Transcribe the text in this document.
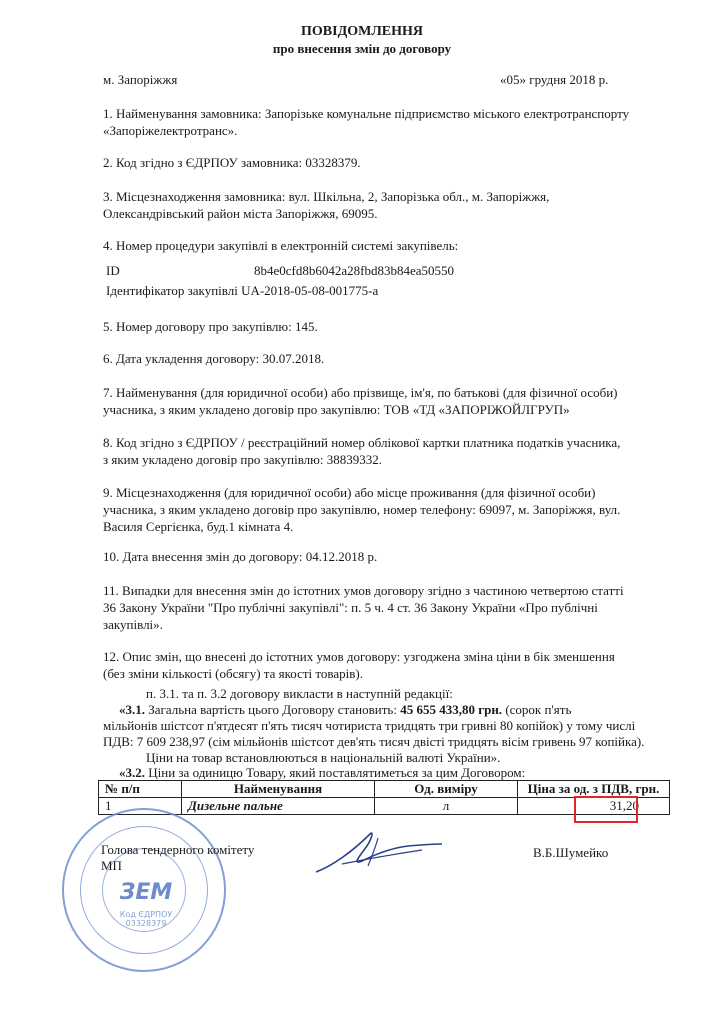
ПОВІДОМЛЕННЯ
про внесення змін до договору
м. Запоріжжя	«05» грудня 2018 р.
1. Найменування замовника: Запорізьке комунальне підприємство міського електротранспорту
«Запоріжелектротранс».
2. Код згідно з ЄДРПОУ замовника: 03328379.
3. Місцезнаходження замовника: вул. Шкільна, 2, Запорізька обл., м. Запоріжжя,
Олександрівський район міста Запоріжжя, 69095.
4. Номер процедури закупівлі в електронній системі закупівель:
ID	8b4e0cfd8b6042a28fbd83b84ea50550
Ідентифікатор закупівлі UA-2018-05-08-001775-a
5. Номер договору про закупівлю: 145.
6. Дата укладення договору: 30.07.2018.
7. Найменування (для юридичної особи) або прізвище, ім'я, по батькові (для фізичної особи)
учасника, з яким укладено договір про закупівлю: ТОВ «ТД «ЗАПОРІЖОЙЛГРУП»
8. Код згідно з ЄДРПОУ / реєстраційний номер облікової картки платника податків учасника,
з яким укладено договір про закупівлю: 38839332.
9. Місцезнаходження (для юридичної особи) або місце проживання (для фізичної особи)
учасника, з яким укладено договір про закупівлю, номер телефону: 69097, м. Запоріжжя, вул.
Василя Сергієнка, буд.1 кімната 4.
10. Дата внесення змін до договору: 04.12.2018 р.
11. Випадки для внесення змін до істотних умов договору згідно з частиною четвертою статті
36 Закону України "Про публічні закупівлі": п. 5 ч. 4 ст. 36 Закону України «Про публічні
закупівлі».
12. Опис змін, що внесені до істотних умов договору: узгоджена зміна ціни в бік зменшення
(без зміни кількості (обсягу) та якості товарів).
п. 3.1. та п. 3.2 договору викласти в наступній редакції:
«3.1. Загальна вартість цього Договору становить: 45 655 433,80 грн. (сорок п'ять
мільйонів шістсот п'ятдесят п'ять тисяч чотириста тридцять три гривні 80 копійок) у тому числі
ПДВ: 7 609 238,97 (сім мільйонів шістсот дев'ять тисяч двісті тридцять вісім гривень 97 копійка).
Ціни на товар встановлюються в національній валюті України».
«3.2. Ціни за одиницю Товару, який поставлятиметься за цим Договором:
№ п/п	Найменування	Од. виміру	Ціна за од. з ПДВ, грн.
1	Дизельне пальне	л	31,20
ЗЕМ
Код ЄДРПОУ 03328379
Голова тендерного комітету
МП
В.Б.Шумейко
